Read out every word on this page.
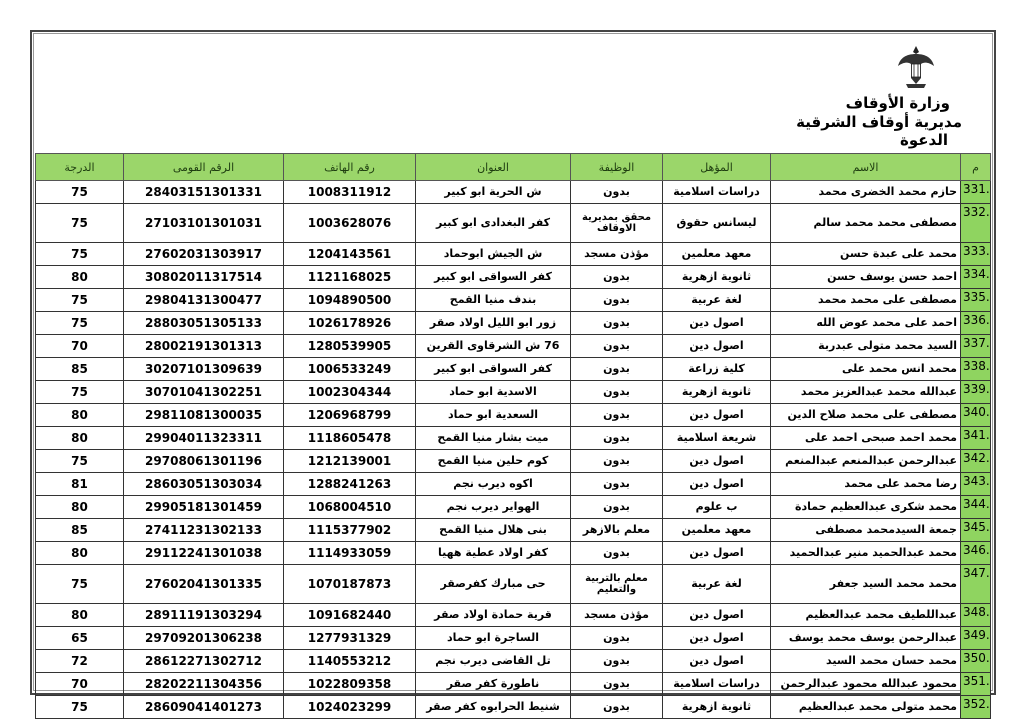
وزارة الأوقاف
مديرية أوقاف الشرقية
الدعوة
م	الاسم	المؤهل	الوظيفة	العنوان	رقم الهاتف	الرقم القومى	الدرجة
331.	حازم محمد الخضرى محمد	دراسات اسلامية	بدون	ش الحرية ابو كبير	1008311912	28403151301331	75
332.	مصطفى محمد محمد سالم	ليسانس حقوق	محقق بمديرية الاوقاف	كفر البغدادى ابو كبير	1003628076	27103101301031	75
333.	محمد على عبدة حسن	معهد معلمين	مؤذن مسجد	ش الجيش ابوحماد	1204143561	27602031303917	75
334.	احمد حسن يوسف حسن	ثانوية ازهرية	بدون	كفر السواقى ابو كبير	1121168025	30802011317514	80
335.	مصطفى على محمد محمد	لغة عربية	بدون	بندف منيا القمح	1094890500	29804131300477	75
336.	احمد على محمد عوض الله	اصول دين	بدون	زور ابو الليل اولاد صقر	1026178926	28803051305133	75
337.	السيد محمد متولى عبدربة	اصول دين	بدون	76 ش الشرقاوى القرين	1280539905	28002191301313	70
338.	محمد انس محمد على	كلية زراعة	بدون	كفر السواقى ابو كبير	1006533249	30207101309639	85
339.	عبدالله محمد عبدالعزيز محمد	ثانوية ازهرية	بدون	الاسدية ابو حماد	1002304344	30701041302251	75
340.	مصطفى على محمد صلاح الدين	اصول دين	بدون	السعدية ابو حماد	1206968799	29811081300035	80
341.	محمد احمد صبحى احمد على	شريعة اسلامية	بدون	ميت بشار منيا القمح	1118605478	29904011323311	80
342.	عبدالرحمن عبدالمنعم عبدالمنعم	اصول دين	بدون	كوم حلين منيا القمح	1212139001	29708061301196	75
343.	رضا محمد على محمد	اصول دين	بدون	اكوه ديرب نجم	1288241263	28603051303034	81
344.	محمد شكرى عبدالعظيم حمادة	ب علوم	بدون	الهواير ديرب نجم	1068004510	29905181301459	80
345.	جمعة السيدمحمد مصطفى	معهد معلمين	معلم بالازهر	بنى هلال منيا القمح	1115377902	27411231302133	85
346.	محمد عبدالحميد منير عبدالحميد	اصول دين	بدون	كفر اولاد عطية ههيا	1114933059	29112241301038	80
347.	محمد محمد السيد جعفر	لغة عربية	معلم بالتربية والتعليم	حى مبارك كفرصقر	1070187873	27602041301335	75
348.	عبداللطيف محمد عبدالعظيم	اصول دين	مؤذن مسجد	قرية حمادة اولاد صقر	1091682440	28911191303294	80
349.	عبدالرحمن يوسف محمد يوسف	اصول دين	بدون	الساجرة ابو حماد	1277931329	29709201306238	65
350.	محمد حسان محمد السيد	اصول دين	بدون	تل القاضى ديرب نجم	1140553212	28612271302712	72
351.	محمود عبدالله محمود عبدالرحمن	دراسات اسلامية	بدون	ناطورة كفر صقر	1022809358	28202211304356	70
352.	محمد متولى محمد عبدالعظيم	ثانوية ازهرية	بدون	شنيط الحرابوه كفر صقر	1024023299	28609041401273	75
